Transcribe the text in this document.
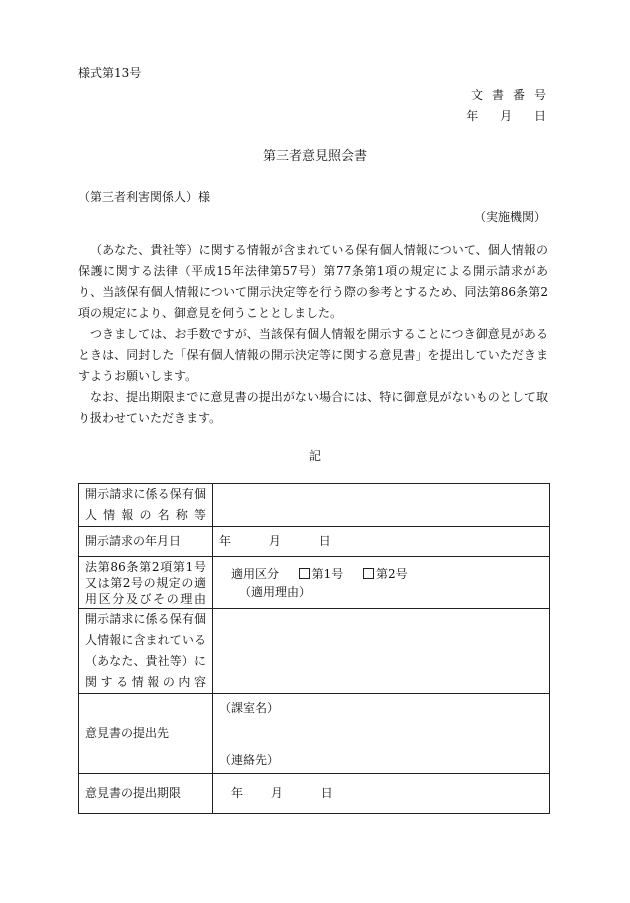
様式第13号
文書番号
年 月 日
第三者意見照会書
（第三者利害関係人）様
（実施機関）

（あなた、貴社等）に関する情報が含まれている保有個人情報について、個人情報の保護に関する法律（平成15年法律第57号）第77条第1項の規定による開示請求があり、当該保有個人情報について開示決定等を行う際の参考とするため、同法第86条第2項の規定により、御意見を伺うこととしました。

つきましては、お手数ですが、当該保有個人情報を開示することにつき御意見があるときは、同封した「保有個人情報の開示決定等に関する意見書」を提出していただきますようお願いします。

なお、提出期限までに意見書の提出がない場合には、特に御意見がないものとして取り扱わせていただきます。

記
開示請求に係る保有個人情報の名称等	
開示請求の年月日	年 月 日
法第86条第2項第1号又は第2号の規定の適用区分及びその理由	適用区分 第1号 第2号
（適用理由）

開示請求に係る保有個人情報に含まれている（あなた、貴社等）に関する情報の内容	
意見書の提出先	（課室名）
（連絡先）

意見書の提出期限	年 月 日
